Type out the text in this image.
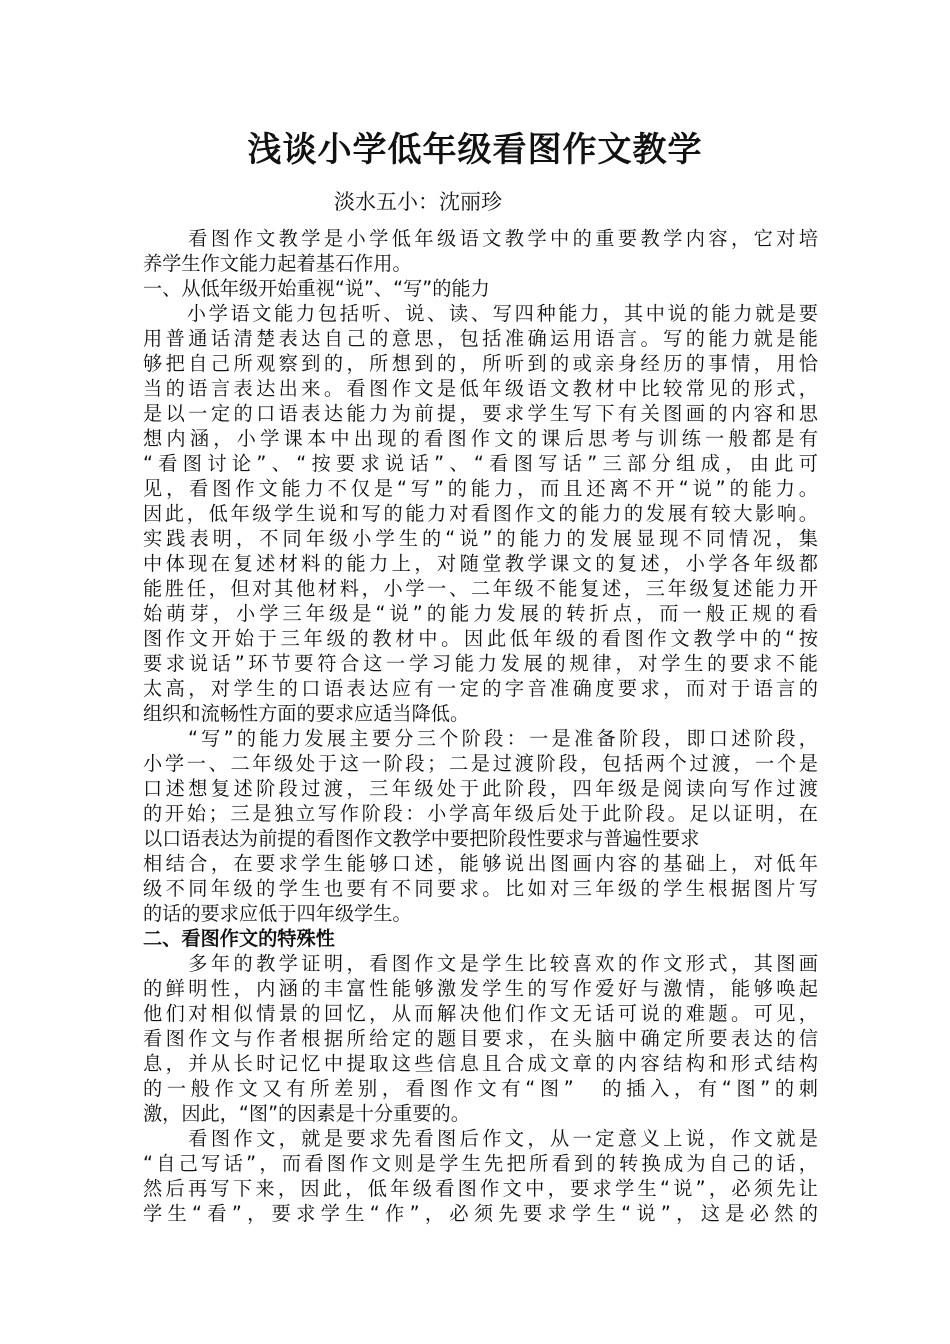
浅谈小学低年级看图作文教学
淡水五小：沈丽珍
　　看图作文教学是小学低年级语文教学中的重要教学内容，它对培
养学生作文能力起着基石作用。
一、从低年级开始重视“说”、“写”的能力
　　小学语文能力包括听、说、读、写四种能力，其中说的能力就是要
用普通话清楚表达自己的意思，包括准确运用语言。写的能力就是能
够把自己所观察到的，所想到的，所听到的或亲身经历的事情，用恰
当的语言表达出来。看图作文是低年级语文教材中比较常见的形式，
是以一定的口语表达能力为前提，要求学生写下有关图画的内容和思
想内涵，小学课本中出现的看图作文的课后思考与训练一般都是有
“看图讨论”、“按要求说话”、“看图写话”三部分组成，由此可
见，看图作文能力不仅是“写”的能力，而且还离不开“说”的能力。
因此，低年级学生说和写的能力对看图作文的能力的发展有较大影响。
实践表明，不同年级小学生的“说”的能力的发展显现不同情况，集
中体现在复述材料的能力上，对随堂教学课文的复述，小学各年级都
能胜任，但对其他材料，小学一、二年级不能复述，三年级复述能力开
始萌芽，小学三年级是“说”的能力发展的转折点，而一般正规的看
图作文开始于三年级的教材中。因此低年级的看图作文教学中的“按
要求说话”环节要符合这一学习能力发展的规律，对学生的要求不能
太高，对学生的口语表达应有一定的字音准确度要求，而对于语言的
组织和流畅性方面的要求应适当降低。
　　“写”的能力发展主要分三个阶段：一是准备阶段，即口述阶段，
小学一、二年级处于这一阶段；二是过渡阶段，包括两个过渡，一个是
口述想复述阶段过渡，三年级处于此阶段，四年级是阅读向写作过渡
的开始；三是独立写作阶段：小学高年级后处于此阶段。足以证明，在
以口语表达为前提的看图作文教学中要把阶段性要求与普遍性要求
相结合，在要求学生能够口述，能够说出图画内容的基础上，对低年
级不同年级的学生也要有不同要求。比如对三年级的学生根据图片写
的话的要求应低于四年级学生。
二、看图作文的特殊性
　　多年的教学证明，看图作文是学生比较喜欢的作文形式，其图画
的鲜明性，内涵的丰富性能够激发学生的写作爱好与激情，能够唤起
他们对相似情景的回忆，从而解决他们作文无话可说的难题。可见，
看图作文与作者根据所给定的题目要求，在头脑中确定所要表达的信
息，并从长时记忆中提取这些信息且合成文章的内容结构和形式结构
的一般作文又有所差别，看图作文有“图”　的插入，有“图”的刺
激，因此，“图”的因素是十分重要的。
　　看图作文，就是要求先看图后作文，从一定意义上说，作文就是
“自己写话”，而看图作文则是学生先把所看到的转换成为自己的话，
然后再写下来，因此，低年级看图作文中，要求学生“说”，必须先让
学生“看”，要求学生“作”，必须先要求学生“说”，这是必然的
